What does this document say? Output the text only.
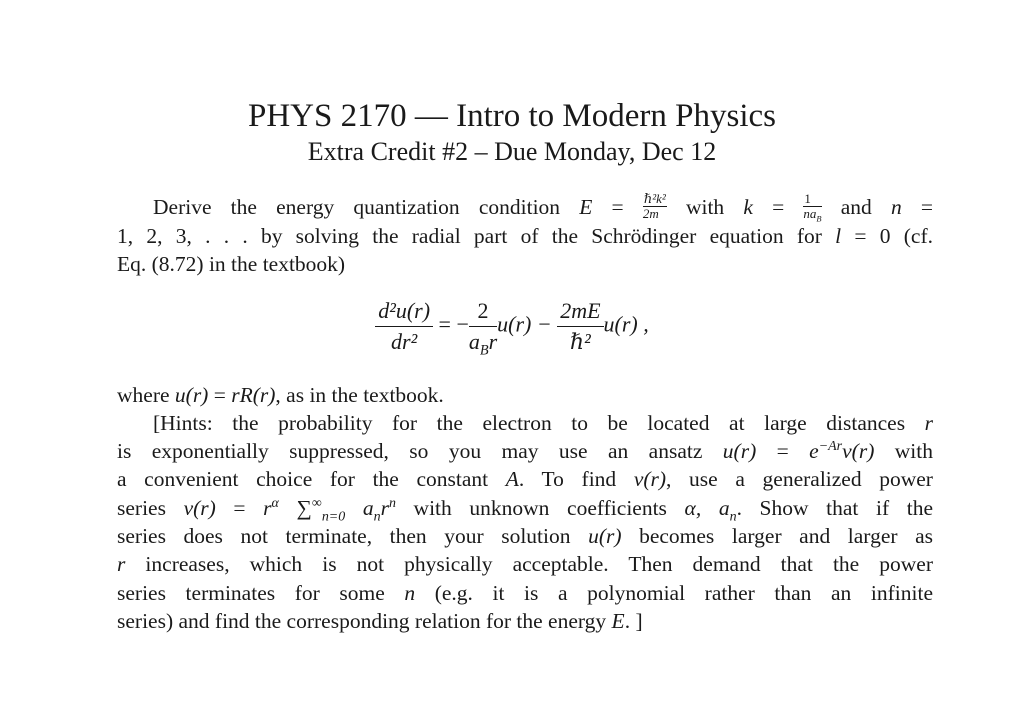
PHYS 2170 — Intro to Modern Physics
Extra Credit #2 – Due Monday, Dec 12
Derive the energy quantization condition $E = \frac{\text{ℏ²k²}}{2m}$ with $k = \frac{1}{na_B}$ and n =
1, 2, 3, . . . by solving the radial part of the Schrödinger equation for l = 0 (cf.
Eq. (8.72) in the textbook)
$\frac{\text{d²u(r)}}{\text{dr²}}$ = − $\frac{2}{a_Br} u(r) - \frac{2mE}{\text{ℏ²}} u(r)$ ,
where u(r) = rR(r), as in the textbook.
[Hints: the probability for the electron to be located at large distances r
is exponentially suppressed, so you may use an ansatz $u(r) = e^{-Ar}v(r)$ with
a convenient choice for the constant A. To find v(r), use a generalized power
series $v(r) = r^\alpha$ $\sum^\infty_{n=0}$ $a_nr^n$ with unknown coefficients α, $a_n$. Show that if the
series does not terminate, then your solution u(r) becomes larger and larger as
r increases, which is not physically acceptable. Then demand that the power
series terminates for some n (e.g. it is a polynomial rather than an infinite
series) and find the corresponding relation for the energy E. ]
